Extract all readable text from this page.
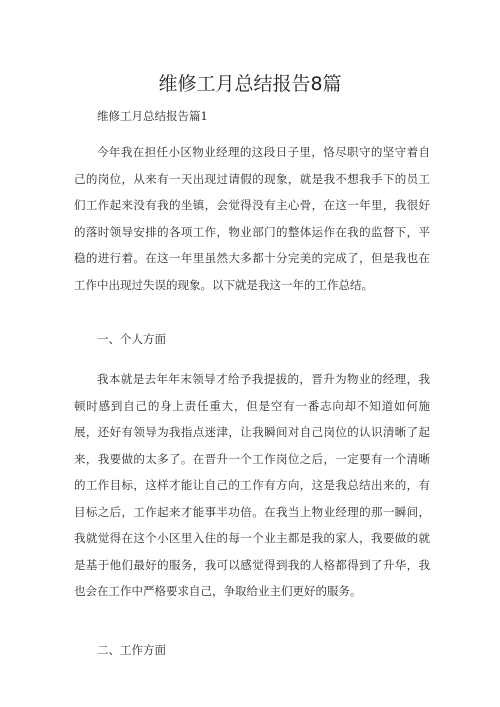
维修工月总结报告8篇

维修工月总结报告篇1

今年我在担任小区物业经理的这段日子里，恪尽职守的坚守着自己的岗位，从来有一天出现过请假的现象，就是我不想我手下的员工们工作起来没有我的坐镇，会觉得没有主心骨，在这一年里，我很好的落时领导安排的各项工作，物业部门的整体运作在我的监督下，平稳的进行着。在这一年里虽然大多都十分完美的完成了，但是我也在工作中出现过失误的现象。以下就是我这一年的工作总结。

一、个人方面

我本就是去年年末领导才给予我提拔的，晋升为物业的经理，我顿时感到自己的身上责任重大，但是空有一番志向却不知道如何施展，还好有领导为我指点迷津，让我瞬间对自己岗位的认识清晰了起来，我要做的太多了。在晋升一个工作岗位之后，一定要有一个清晰的工作目标，这样才能让自己的工作有方向，这是我总结出来的，有目标之后，工作起来才能事半功倍。在我当上物业经理的那一瞬间，我就觉得在这个小区里入住的每一个业主都是我的家人，我要做的就是基于他们最好的服务，我可以感觉得到我的人格都得到了升华，我也会在工作中严格要求自己，争取给业主们更好的服务。

二、工作方面
